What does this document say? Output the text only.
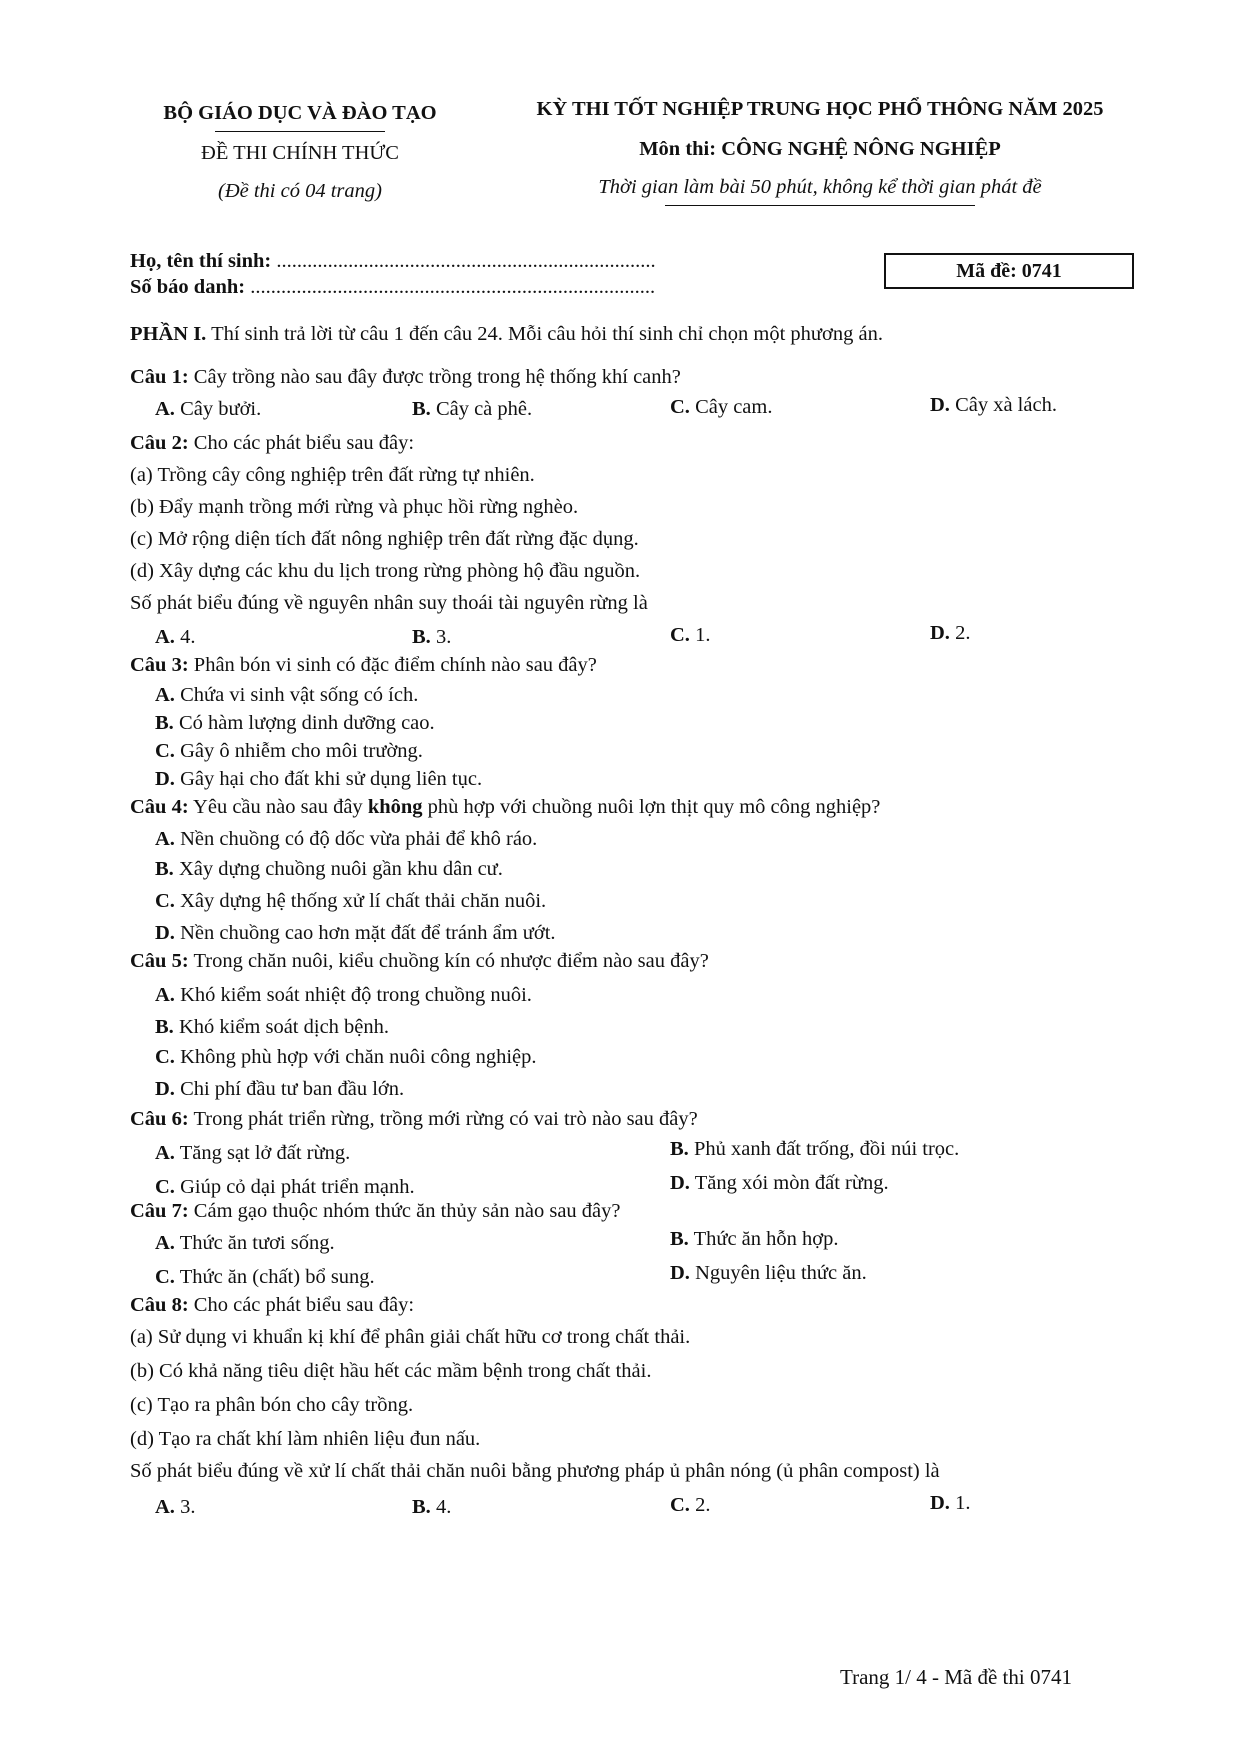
BỘ GIÁO DỤC VÀ ĐÀO TẠO
ĐỀ THI CHÍNH THỨC
(Đề thi có 04 trang)
KỲ THI TỐT NGHIỆP TRUNG HỌC PHỔ THÔNG NĂM 2025
Môn thi: CÔNG NGHỆ NÔNG NGHIỆP
Thời gian làm bài 50 phút, không kể thời gian phát đề
Họ, tên thí sinh: ..........................................................................
Số báo danh: ...............................................................................
Mã đề: 0741
PHẦN I. Thí sinh trả lời từ câu 1 đến câu 24. Mỗi câu hỏi thí sinh chỉ chọn một phương án.
Câu 1: Cây trồng nào sau đây được trồng trong hệ thống khí canh?
A. Cây bưởi.	B. Cây cà phê.	C. Cây cam.	D. Cây xà lách.
Câu 2: Cho các phát biểu sau đây:
(a) Trồng cây công nghiệp trên đất rừng tự nhiên.
(b) Đẩy mạnh trồng mới rừng và phục hồi rừng nghèo.
(c) Mở rộng diện tích đất nông nghiệp trên đất rừng đặc dụng.
(d) Xây dựng các khu du lịch trong rừng phòng hộ đầu nguồn.
Số phát biểu đúng về nguyên nhân suy thoái tài nguyên rừng là
A. 4.	B. 3.	C. 1.	D. 2.
Câu 3: Phân bón vi sinh có đặc điểm chính nào sau đây?
A. Chứa vi sinh vật sống có ích.
B. Có hàm lượng dinh dưỡng cao.
C. Gây ô nhiễm cho môi trường.
D. Gây hại cho đất khi sử dụng liên tục.
Câu 4: Yêu cầu nào sau đây không phù hợp với chuồng nuôi lợn thịt quy mô công nghiệp?
A. Nền chuồng có độ dốc vừa phải để khô ráo.
B. Xây dựng chuồng nuôi gần khu dân cư.
C. Xây dựng hệ thống xử lí chất thải chăn nuôi.
D. Nền chuồng cao hơn mặt đất để tránh ẩm ướt.
Câu 5: Trong chăn nuôi, kiểu chuồng kín có nhược điểm nào sau đây?
A. Khó kiểm soát nhiệt độ trong chuồng nuôi.
B. Khó kiểm soát dịch bệnh.
C. Không phù hợp với chăn nuôi công nghiệp.
D. Chi phí đầu tư ban đầu lớn.
Câu 6: Trong phát triển rừng, trồng mới rừng có vai trò nào sau đây?
A. Tăng sạt lở đất rừng.	B. Phủ xanh đất trống, đồi núi trọc.
C. Giúp cỏ dại phát triển mạnh.	D. Tăng xói mòn đất rừng.
Câu 7: Cám gạo thuộc nhóm thức ăn thủy sản nào sau đây?
A. Thức ăn tươi sống.	B. Thức ăn hỗn hợp.
C. Thức ăn (chất) bổ sung.	D. Nguyên liệu thức ăn.
Câu 8: Cho các phát biểu sau đây:
(a) Sử dụng vi khuẩn kị khí để phân giải chất hữu cơ trong chất thải.
(b) Có khả năng tiêu diệt hầu hết các mầm bệnh trong chất thải.
(c) Tạo ra phân bón cho cây trồng.
(d) Tạo ra chất khí làm nhiên liệu đun nấu.
Số phát biểu đúng về xử lí chất thải chăn nuôi bằng phương pháp ủ phân nóng (ủ phân compost) là
A. 3.	B. 4.	C. 2.	D. 1.
Trang 1/ 4 - Mã đề thi 0741
